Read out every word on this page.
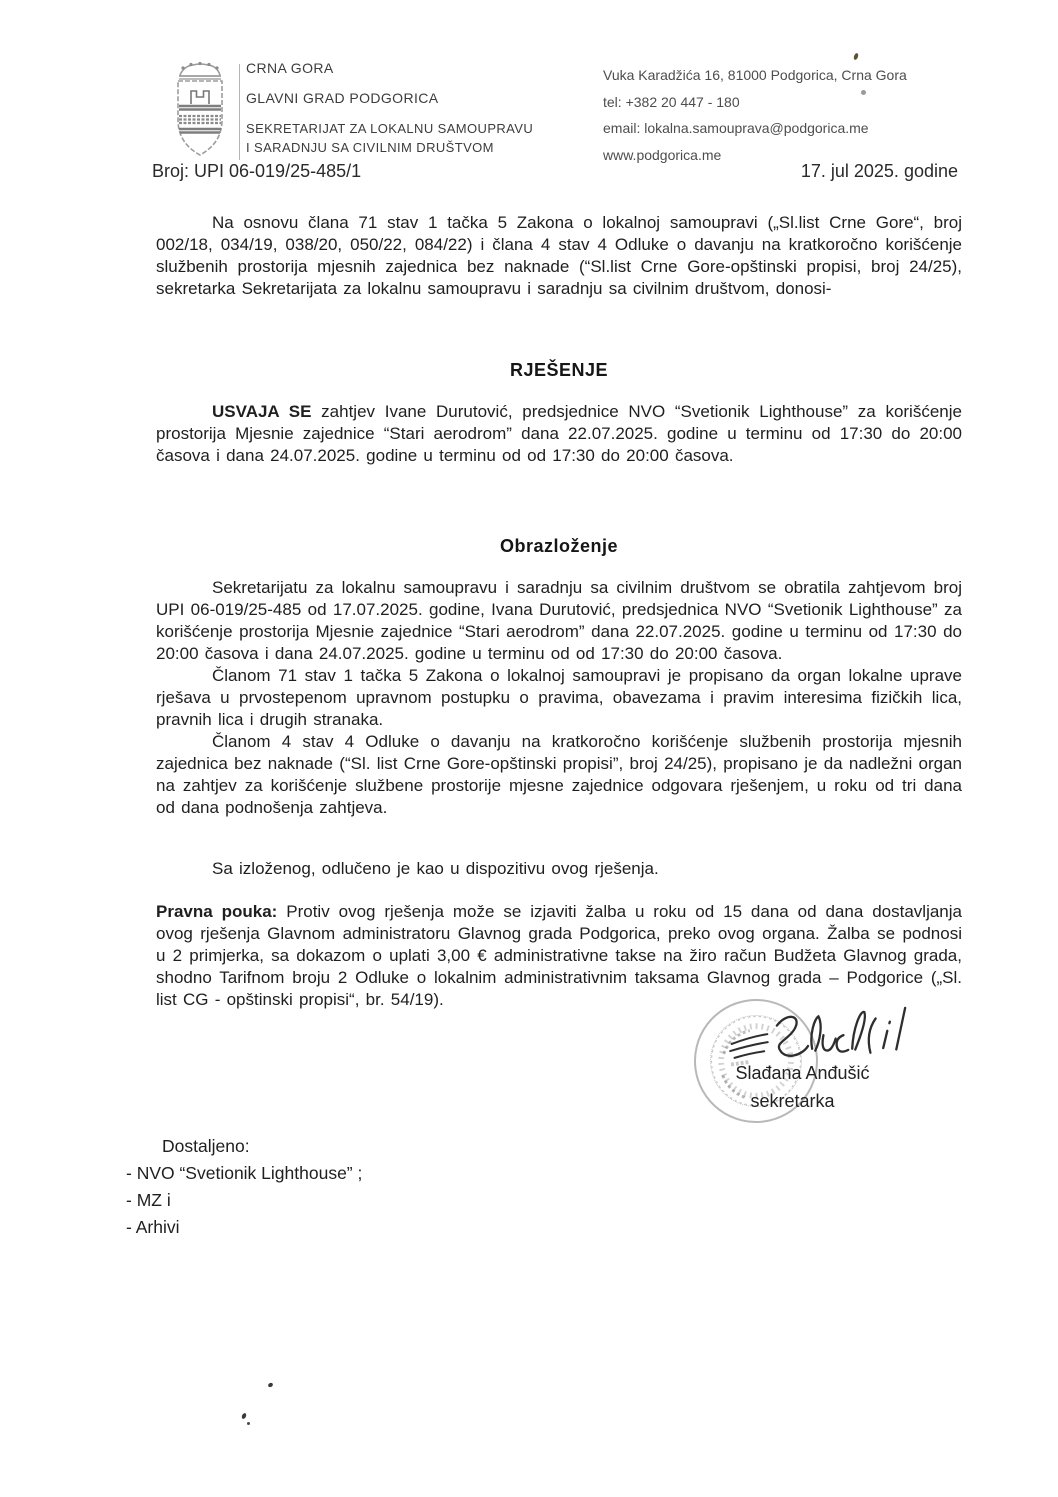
CRNA GORA
GLAVNI GRAD PODGORICA
SEKRETARIJAT ZA LOKALNU SAMOUPRAVU
I SARADNJU SA CIVILNIM DRUŠTVOM
Vuka Karadžića 16, 81000 Podgorica, Crna Gora
tel: +382 20 447 - 180
email: lokalna.samouprava@podgorica.me
www.podgorica.me
Broj: UPI 06-019/25-485/1	17. jul 2025. godine

Na osnovu člana 71 stav 1 tačka 5 Zakona o lokalnoj samoupravi („Sl.list Crne Gore“, broj 002/18, 034/19, 038/20, 050/22, 084/22) i člana 4 stav 4 Odluke o davanju na kratkoročno korišćenje službenih prostorija mjesnih zajednica bez naknade (“Sl.list Crne Gore-opštinski propisi, broj 24/25), sekretarka Sekretarijata za lokalnu samoupravu i saradnju sa civilnim društvom, donosi-

RJEŠENJE

USVAJA SE zahtjev Ivane Durutović, predsjednice NVO “Svetionik Lighthouse” za korišćenje prostorija Mjesnie zajednice “Stari aerodrom” dana 22.07.2025. godine u terminu od 17:30 do 20:00 časova i dana 24.07.2025. godine u terminu od od 17:30 do 20:00 časova.

Obrazloženje

Sekretarijatu za lokalnu samoupravu i saradnju sa civilnim društvom se obratila zahtjevom broj UPI 06-019/25-485 od 17.07.2025. godine, Ivana Durutović, predsjednica NVO “Svetionik Lighthouse” za korišćenje prostorija Mjesnie zajednice “Stari aerodrom” dana 22.07.2025. godine u terminu od 17:30 do 20:00 časova i dana 24.07.2025. godine u terminu od od 17:30 do 20:00 časova.

Članom 71 stav 1 tačka 5 Zakona o lokalnoj samoupravi je propisano da organ lokalne uprave rješava u prvostepenom upravnom postupku o pravima, obavezama i pravim interesima fizičkih lica, pravnih lica i drugih stranaka.

Članom 4 stav 4 Odluke o davanju na kratkoročno korišćenje službenih prostorija mjesnih zajednica bez naknade (“Sl. list Crne Gore-opštinski propisi”, broj 24/25), propisano je da nadležni organ na zahtjev za korišćenje službene prostorije mjesne zajednice odgovara rješenjem, u roku od tri dana od dana podnošenja zahtjeva.

Sa izloženog, odlučeno je kao u dispozitivu ovog rješenja.

Pravna pouka: Protiv ovog rješenja može se izjaviti žalba u roku od 15 dana od dana dostavljanja ovog rješenja Glavnom administratoru Glavnog grada Podgorica, preko ovog organa. Žalba se podnosi u 2 primjerka, sa dokazom o uplati 3,00 € administrativne takse na žiro račun Budžeta Glavnog grada, shodno Tarifnom broju 2 Odluke o lokalnim administrativnim taksama Glavnog grada – Podgorice („Sl. list CG - opštinski propisi“, br. 54/19).

Slađana Anđušić
sekretarka
Dostaljeno:
- NVO “Svetionik Lighthouse” ;
- MZ i
- Arhivi
